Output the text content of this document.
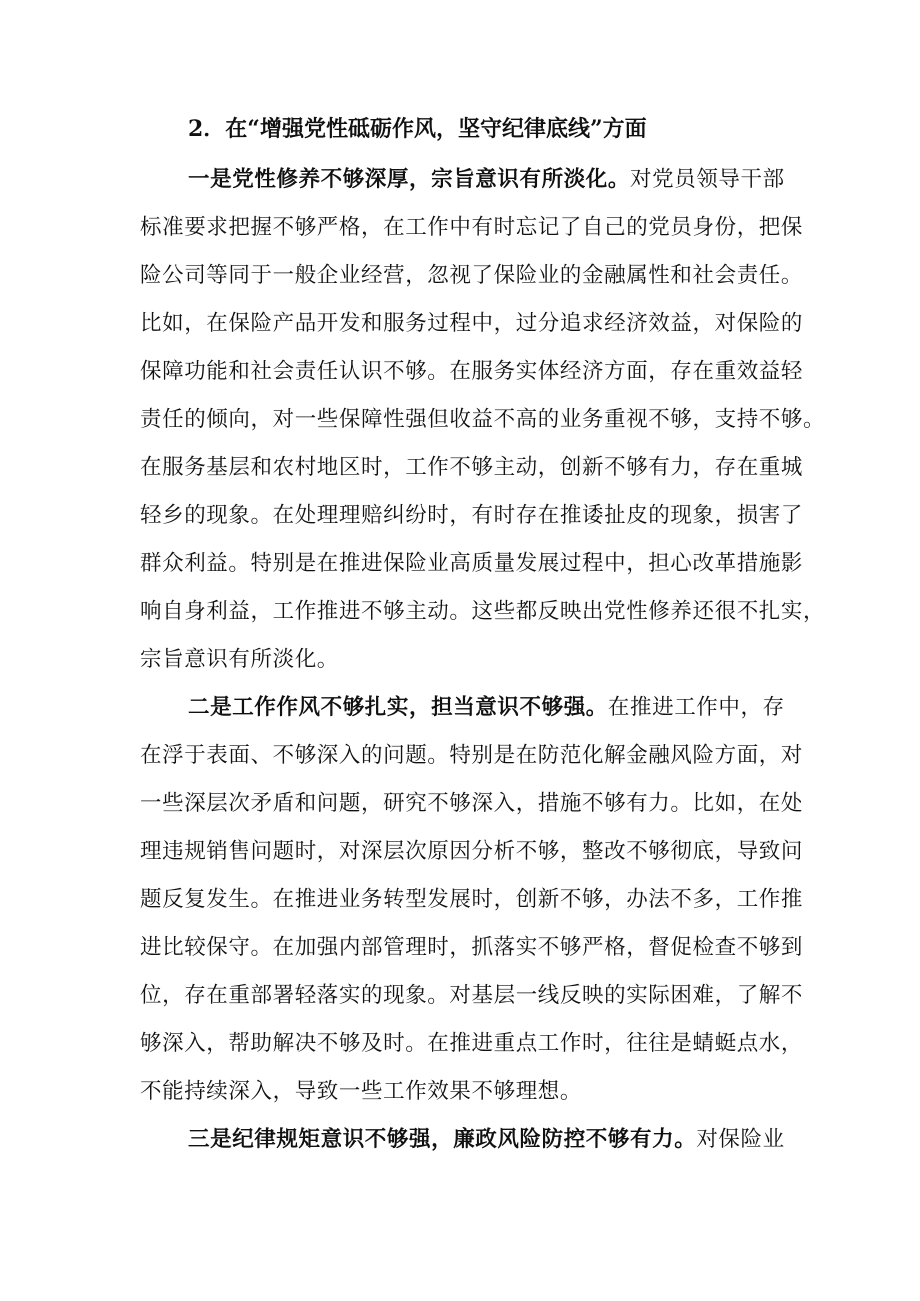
2．在“增强党性砥砺作风，坚守纪律底线”方面
一是党性修养不够深厚，宗旨意识有所淡化。对党员领导干部
标准要求把握不够严格，在工作中有时忘记了自己的党员身份，把保
险公司等同于一般企业经营，忽视了保险业的金融属性和社会责任。
比如，在保险产品开发和服务过程中，过分追求经济效益，对保险的
保障功能和社会责任认识不够。在服务实体经济方面，存在重效益轻
责任的倾向，对一些保障性强但收益不高的业务重视不够，支持不够。
在服务基层和农村地区时，工作不够主动，创新不够有力，存在重城
轻乡的现象。在处理理赔纠纷时，有时存在推诿扯皮的现象，损害了
群众利益。特别是在推进保险业高质量发展过程中，担心改革措施影
响自身利益，工作推进不够主动。这些都反映出党性修养还很不扎实，
宗旨意识有所淡化。
二是工作作风不够扎实，担当意识不够强。在推进工作中，存
在浮于表面、不够深入的问题。特别是在防范化解金融风险方面，对
一些深层次矛盾和问题，研究不够深入，措施不够有力。比如，在处
理违规销售问题时，对深层次原因分析不够，整改不够彻底，导致问
题反复发生。在推进业务转型发展时，创新不够，办法不多，工作推
进比较保守。在加强内部管理时，抓落实不够严格，督促检查不够到
位，存在重部署轻落实的现象。对基层一线反映的实际困难，了解不
够深入，帮助解决不够及时。在推进重点工作时，往往是蜻蜓点水，
不能持续深入，导致一些工作效果不够理想。
三是纪律规矩意识不够强，廉政风险防控不够有力。对保险业
